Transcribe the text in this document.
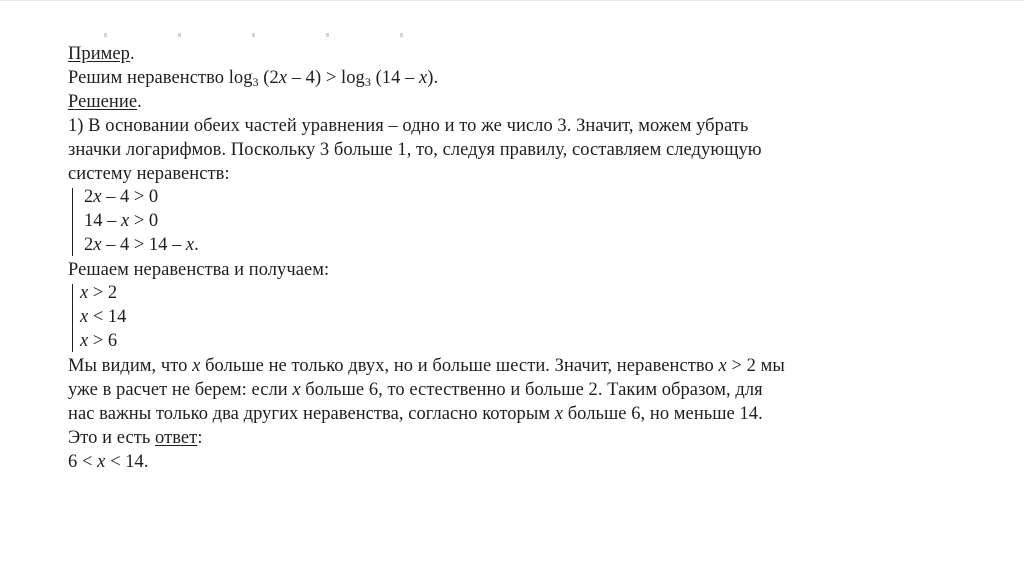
Пример.
Решим неравенство log3 (2x – 4) > log3 (14 – x).
Решение.
1) В основании обеих частей уравнения – одно и то же число 3. Значит, можем убрать
значки логарифмов. Поскольку 3 больше 1, то, следуя правилу, составляем следующую
систему неравенств:
2x – 4 > 0
14 – x > 0
2x – 4 > 14 – x.
Решаем неравенства и получаем:
x > 2
x < 14
x > 6
Мы видим, что x больше не только двух, но и больше шести. Значит, неравенство x > 2 мы
уже в расчет не берем: если x больше 6, то естественно и больше 2. Таким образом, для
нас важны только два других неравенства, согласно которым x больше 6, но меньше 14.
Это и есть ответ:
6 < x < 14.
